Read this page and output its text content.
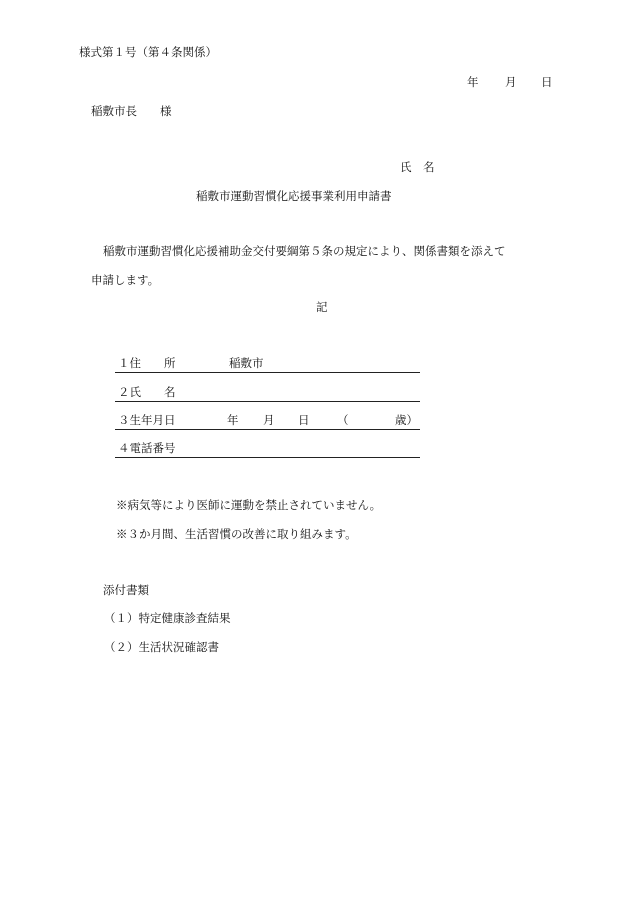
様式第１号（第４条関係）
年 月 日
稲敷市長　　様
氏　名
稲敷市運動習慣化応援事業利用申請書
稲敷市運動習慣化応援補助金交付要綱第５条の規定により、関係書類を添えて
申請します。
記
１住　　所	稲敷市
２氏　　名
３生年月日	年 月 日 （	歳）
４電話番号
※病気等により医師に運動を禁止されていません。
※３か月間、生活習慣の改善に取り組みます。
添付書類
（１）特定健康診査結果
（２）生活状況確認書
